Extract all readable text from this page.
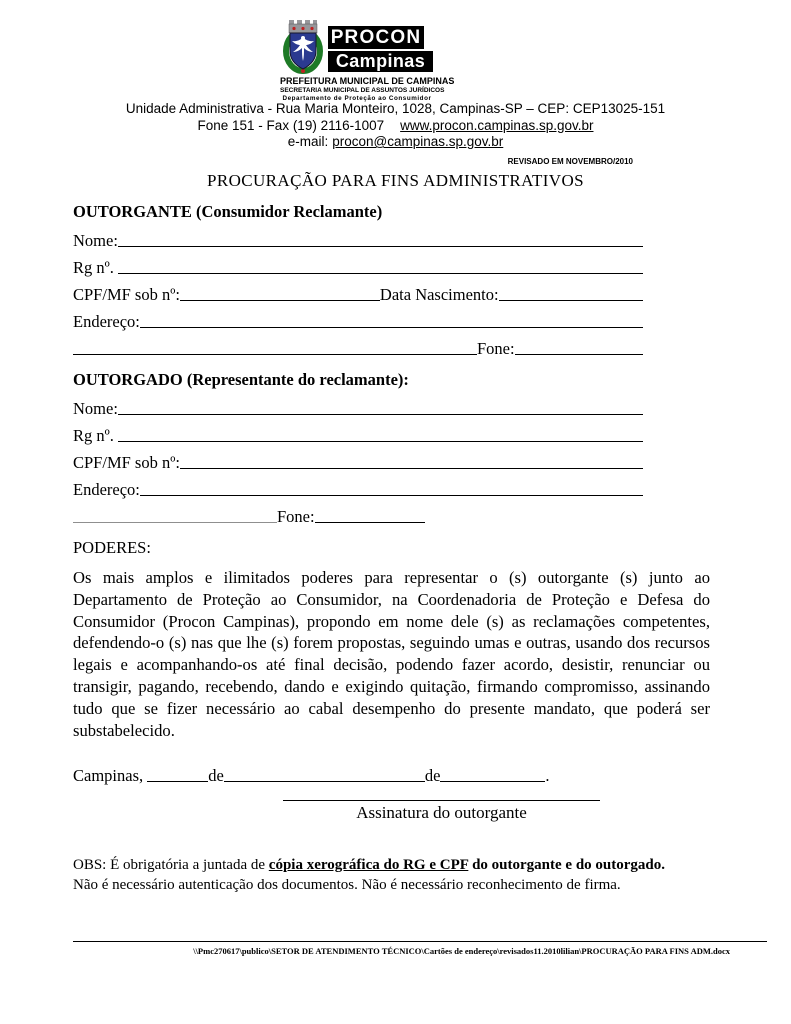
PROCON
Campinas
PREFEITURA MUNICIPAL DE CAMPINAS
SECRETARIA MUNICIPAL DE ASSUNTOS JURÍDICOS
Departamento de Proteção ao Consumidor
Unidade Administrativa - Rua Maria Monteiro, 1028, Campinas-SP – CEP: CEP13025-151
Fone 151 - Fax (19) 2116-1007 www.procon.campinas.sp.gov.br
e-mail: procon@campinas.sp.gov.br
REVISADO EM NOVEMBRO/2010
PROCURAÇÃO PARA FINS ADMINISTRATIVOS
OUTORGANTE (Consumidor Reclamante)
Nome:
Rg nº.
CPF/MF sob nº:	Data Nascimento:
Endereço:
Fone:
OUTORGADO (Representante do reclamante):
Nome:
Rg nº.
CPF/MF sob nº:
Endereço:
Fone:
PODERES:
Os mais amplos e ilimitados poderes para representar o (s) outorgante (s) junto ao Departamento de Proteção ao Consumidor, na Coordenadoria de Proteção e Defesa do Consumidor (Procon Campinas), propondo em nome dele (s) as reclamações competentes, defendendo-o (s) nas que lhe (s) forem propostas, seguindo umas e outras, usando dos recursos legais e acompanhando-os até final decisão, podendo fazer acordo, desistir, renunciar ou transigir, pagando, recebendo, dando e exigindo quitação, firmando compromisso, assinando tudo que se fizer necessário ao cabal desempenho do presente mandato, que poderá ser substabelecido.
Campinas,	de	de	.
Assinatura do outorgante
OBS: É obrigatória a juntada de cópia xerográfica do RG e CPF do outorgante e do outorgado.
Não é necessário autenticação dos documentos. Não é necessário reconhecimento de firma.
\\Pmc270617\publico\SETOR DE ATENDIMENTO TÉCNICO\Cartões de endereço\revisados11.2010lilian\PROCURAÇÃO PARA FINS ADM.docx
